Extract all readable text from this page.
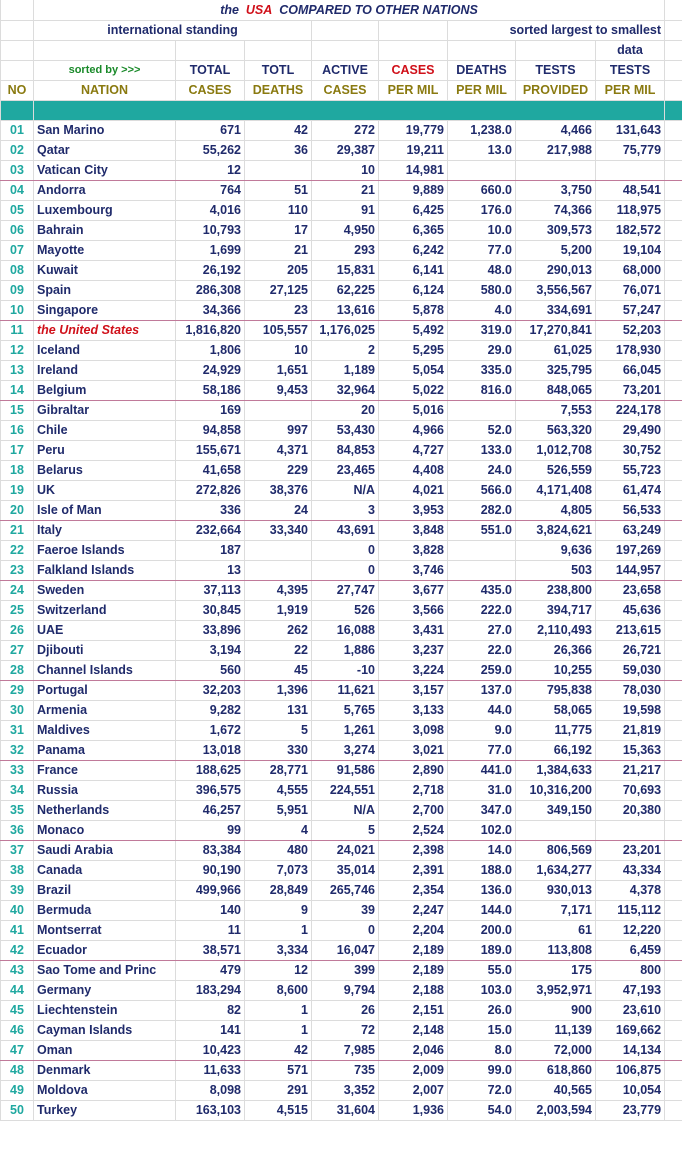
	the USA COMPARED TO OTHER NATIONS								
	international standing					sorted largest to smallest			
								data	
	sorted by >>>	TOTAL	TOTL	ACTIVE	CASES	DEATHS	TESTS	TESTS	
NO	NATION	CASES	DEATHS	CASES	PER MIL	PER MIL	PROVIDED	PER MIL	

01	San Marino	671	42	272	19,779	1,238.0	4,466	131,643	
02	Qatar	55,262	36	29,387	19,211	13.0	217,988	75,779	
03	Vatican City	12		10	14,981				
04	Andorra	764	51	21	9,889	660.0	3,750	48,541	
05	Luxembourg	4,016	110	91	6,425	176.0	74,366	118,975	
06	Bahrain	10,793	17	4,950	6,365	10.0	309,573	182,572	
07	Mayotte	1,699	21	293	6,242	77.0	5,200	19,104	
08	Kuwait	26,192	205	15,831	6,141	48.0	290,013	68,000	
09	Spain	286,308	27,125	62,225	6,124	580.0	3,556,567	76,071	
10	Singapore	34,366	23	13,616	5,878	4.0	334,691	57,247	
11	the United States	1,816,820	105,557	1,176,025	5,492	319.0	17,270,841	52,203	
12	Iceland	1,806	10	2	5,295	29.0	61,025	178,930	
13	Ireland	24,929	1,651	1,189	5,054	335.0	325,795	66,045	
14	Belgium	58,186	9,453	32,964	5,022	816.0	848,065	73,201	
15	Gibraltar	169		20	5,016		7,553	224,178	
16	Chile	94,858	997	53,430	4,966	52.0	563,320	29,490	
17	Peru	155,671	4,371	84,853	4,727	133.0	1,012,708	30,752	
18	Belarus	41,658	229	23,465	4,408	24.0	526,559	55,723	
19	UK	272,826	38,376	N/A	4,021	566.0	4,171,408	61,474	
20	Isle of Man	336	24	3	3,953	282.0	4,805	56,533	
21	Italy	232,664	33,340	43,691	3,848	551.0	3,824,621	63,249	
22	Faeroe Islands	187		0	3,828		9,636	197,269	
23	Falkland Islands	13		0	3,746		503	144,957	
24	Sweden	37,113	4,395	27,747	3,677	435.0	238,800	23,658	
25	Switzerland	30,845	1,919	526	3,566	222.0	394,717	45,636	
26	UAE	33,896	262	16,088	3,431	27.0	2,110,493	213,615	
27	Djibouti	3,194	22	1,886	3,237	22.0	26,366	26,721	
28	Channel Islands	560	45	-10	3,224	259.0	10,255	59,030	
29	Portugal	32,203	1,396	11,621	3,157	137.0	795,838	78,030	
30	Armenia	9,282	131	5,765	3,133	44.0	58,065	19,598	
31	Maldives	1,672	5	1,261	3,098	9.0	11,775	21,819	
32	Panama	13,018	330	3,274	3,021	77.0	66,192	15,363	
33	France	188,625	28,771	91,586	2,890	441.0	1,384,633	21,217	
34	Russia	396,575	4,555	224,551	2,718	31.0	10,316,200	70,693	
35	Netherlands	46,257	5,951	N/A	2,700	347.0	349,150	20,380	
36	Monaco	99	4	5	2,524	102.0			
37	Saudi Arabia	83,384	480	24,021	2,398	14.0	806,569	23,201	
38	Canada	90,190	7,073	35,014	2,391	188.0	1,634,277	43,334	
39	Brazil	499,966	28,849	265,746	2,354	136.0	930,013	4,378	
40	Bermuda	140	9	39	2,247	144.0	7,171	115,112	
41	Montserrat	11	1	0	2,204	200.0	61	12,220	
42	Ecuador	38,571	3,334	16,047	2,189	189.0	113,808	6,459	
43	Sao Tome and Princ	479	12	399	2,189	55.0	175	800	
44	Germany	183,294	8,600	9,794	2,188	103.0	3,952,971	47,193	
45	Liechtenstein	82	1	26	2,151	26.0	900	23,610	
46	Cayman Islands	141	1	72	2,148	15.0	11,139	169,662	
47	Oman	10,423	42	7,985	2,046	8.0	72,000	14,134	
48	Denmark	11,633	571	735	2,009	99.0	618,860	106,875	
49	Moldova	8,098	291	3,352	2,007	72.0	40,565	10,054	
50	Turkey	163,103	4,515	31,604	1,936	54.0	2,003,594	23,779	
